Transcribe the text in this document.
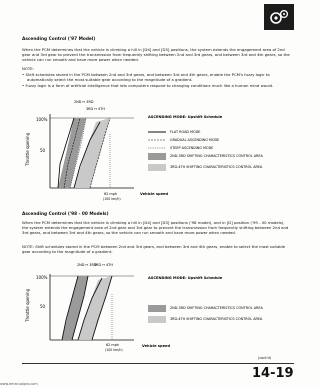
Ascending Control ('97 Model)
When the PCM determines that the vehicle is climbing a hill in [D4] and [D3] positions, the system extends the engagement area of 2nd gear and 3rd gear to prevent the transmission from frequently shifting between 2nd and 3rd gears, and between 3rd and 4th gears, so the vehicle can run smooth and have more power when needed.
NOTE:
• Shift schedules stored in the PCM between 2nd and 3rd gears, and between 3rd and 4th gears, enable the PCM's fuzzy logic to automatically select the most suitable gear according to the magnitude of a gradient.
• Fuzzy logic is a form of artificial intelligence that lets computers respond to changing conditions much like a human mind would.
100%
50
Throttle opening
2ND ↔ 3RD
3RD ↔ 4TH
62 mph
(100 km/h)
Vehicle speed
ASCENDING MODE: Upshift Schedule
FLAT ROAD MODE
GRADUAL ASCENDING MODE
STEEP ASCENDING MODE
2ND-3RD SHIFTING CHARACTERISTICS CONTROL AREA
3RD-4TH SHIFTING CHARACTERISTICS CONTROL AREA
Ascending Control ('98 - 00 Models)
When the PCM determines that the vehicle is climbing a hill in [D4] and [D3] positions ('98 model), and in [D] position ('99 - 00 models), the system extends the engagement area of 2nd gear and 3rd gear to prevent the transmission from frequently shifting between 2nd and 3rd gears, and between 3rd and 4th gears, so the vehicle can run smooth and have more power when needed.
NOTE: Shift schedules stored in the PCM between 2nd and 3rd gears, and between 3rd and 4th gears, enable to select the most suitable gear according to the magnitude of a gradient.
100%
50
Throttle opening
2ND ↔ 3RD
3RD ↔ 4TH
62 mph
(100 km/h)
Vehicle speed
ASCENDING MODE: Upshift Schedule
2ND-3RD SHIFTING CHARACTERISTICS CONTROL AREA
3RD-4TH SHIFTING CHARACTERISTICS CONTROL AREA
(cont'd)
14-19
www.emanualpro.com
